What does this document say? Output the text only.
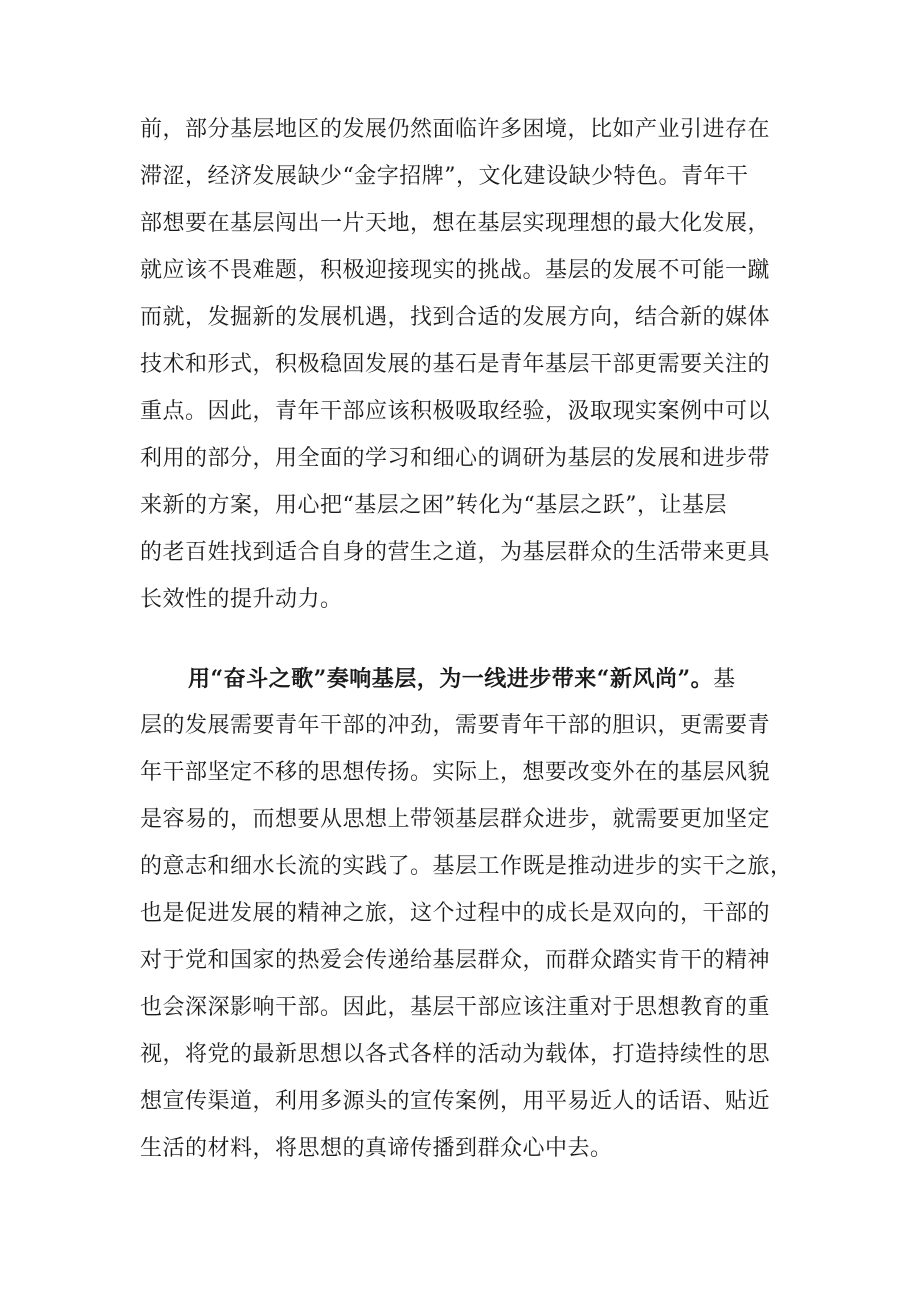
前，部分基层地区的发展仍然面临许多困境，比如产业引进存在
滞涩，经济发展缺少“金字招牌”，文化建设缺少特色。青年干
部想要在基层闯出一片天地，想在基层实现理想的最大化发展，
就应该不畏难题，积极迎接现实的挑战。基层的发展不可能一蹴
而就，发掘新的发展机遇，找到合适的发展方向，结合新的媒体
技术和形式，积极稳固发展的基石是青年基层干部更需要关注的
重点。因此，青年干部应该积极吸取经验，汲取现实案例中可以
利用的部分，用全面的学习和细心的调研为基层的发展和进步带
来新的方案，用心把“基层之困”转化为“基层之跃”，让基层
的老百姓找到适合自身的营生之道，为基层群众的生活带来更具
长效性的提升动力。
用“奋斗之歌”奏响基层，为一线进步带来“新风尚”。基
层的发展需要青年干部的冲劲，需要青年干部的胆识，更需要青
年干部坚定不移的思想传扬。实际上，想要改变外在的基层风貌
是容易的，而想要从思想上带领基层群众进步，就需要更加坚定
的意志和细水长流的实践了。基层工作既是推动进步的实干之旅，
也是促进发展的精神之旅，这个过程中的成长是双向的，干部的
对于党和国家的热爱会传递给基层群众，而群众踏实肯干的精神
也会深深影响干部。因此，基层干部应该注重对于思想教育的重
视，将党的最新思想以各式各样的活动为载体，打造持续性的思
想宣传渠道，利用多源头的宣传案例，用平易近人的话语、贴近
生活的材料，将思想的真谛传播到群众心中去。
